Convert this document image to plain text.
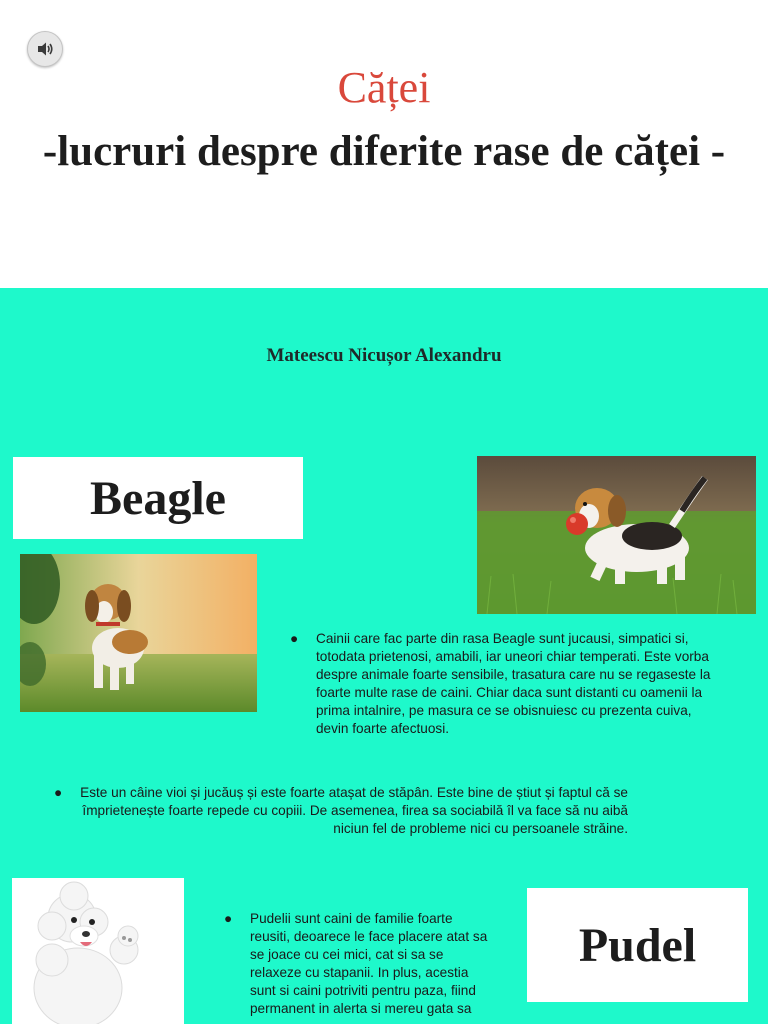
Căței
-lucruri despre diferite rase de căței -
Mateescu Nicușor Alexandru
Beagle
● Cainii care fac parte din rasa Beagle sunt jucausi, simpatici si, totodata prietenosi, amabili, iar uneori chiar temperati. Este vorba despre animale foarte sensibile, trasatura care nu se regaseste la foarte multe rase de caini. Chiar daca sunt distanti cu oamenii la prima intalnire, pe masura ce se obisnuiesc cu prezenta cuiva, devin foarte afectuosi.
● Este un câine vioi și jucăuș și este foarte atașat de stăpân. Este bine de știut și faptul că se împrietenește foarte repede cu copiii. De asemenea, firea sa sociabilă îl va face să nu aibă niciun fel de probleme nici cu persoanele străine.
● Pudelii sunt caini de familie foarte reusiti, deoarece le face placere atat sa se joace cu cei mici, cat si sa se relaxeze cu stapanii. In plus, acestia sunt si caini potriviti pentru paza, fiind permanent in alerta si mereu gata sa
Pudel
